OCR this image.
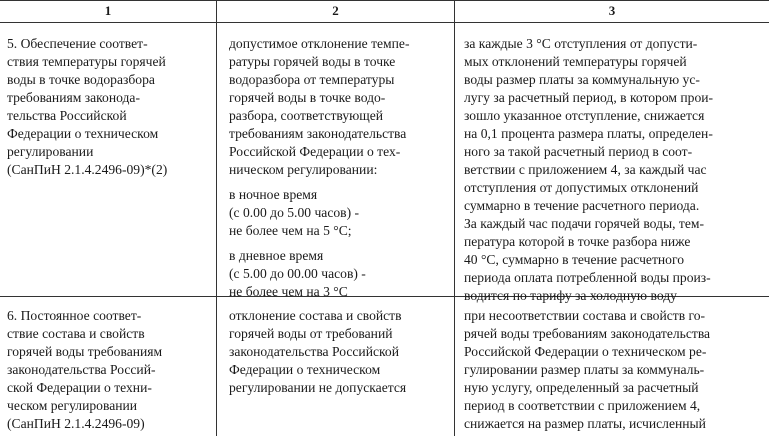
1	2	3

5. Обеспечение соответ-

ствия температуры горячей

воды в точке водоразбора

требованиям законода-

тельства Российской

Федерации о техническом

регулировании

(СанПиН 2.1.4.2496-09)*(2)

допустимое отклонение темпе-

ратуры горячей воды в точке

водоразбора от температуры

горячей воды в точке водо-

разбора, соответствующей

требованиям законодательства

Российской Федерации о тех-

ническом регулировании:

в ночное время

(с 0.00 до 5.00 часов) -

не более чем на 5 °С;

в дневное время

(с 5.00 до 00.00 часов) -

не более чем на 3 °С

за каждые 3 °С отступления от допусти-

мых отклонений температуры горячей

воды размер платы за коммунальную ус-

лугу за расчетный период, в котором прои-

зошло указанное отступление, снижается

на 0,1 процента размера платы, определен-

ного за такой расчетный период в соот-

ветствии с приложением 4, за каждый час

отступления от допустимых отклонений

суммарно в течение расчетного периода.

За каждый час подачи горячей воды, тем-

пература которой в точке разбора ниже

40 °С, суммарно в течение расчетного

периода оплата потребленной воды произ-

водится по тарифу за холодную воду

6. Постоянное соответ-

ствие состава и свойств

горячей воды требованиям

законодательства Россий-

ской Федерации о техни-

ческом регулировании

(СанПиН 2.1.4.2496-09)

отклонение состава и свойств

горячей воды от требований

законодательства Российской

Федерации о техническом

регулировании не допускается

при несоответствии состава и свойств го-

рячей воды требованиям законодательства

Российской Федерации о техническом ре-

гулировании размер платы за коммуналь-

ную услугу, определенный за расчетный

период в соответствии с приложением 4,

снижается на размер платы, исчисленный
